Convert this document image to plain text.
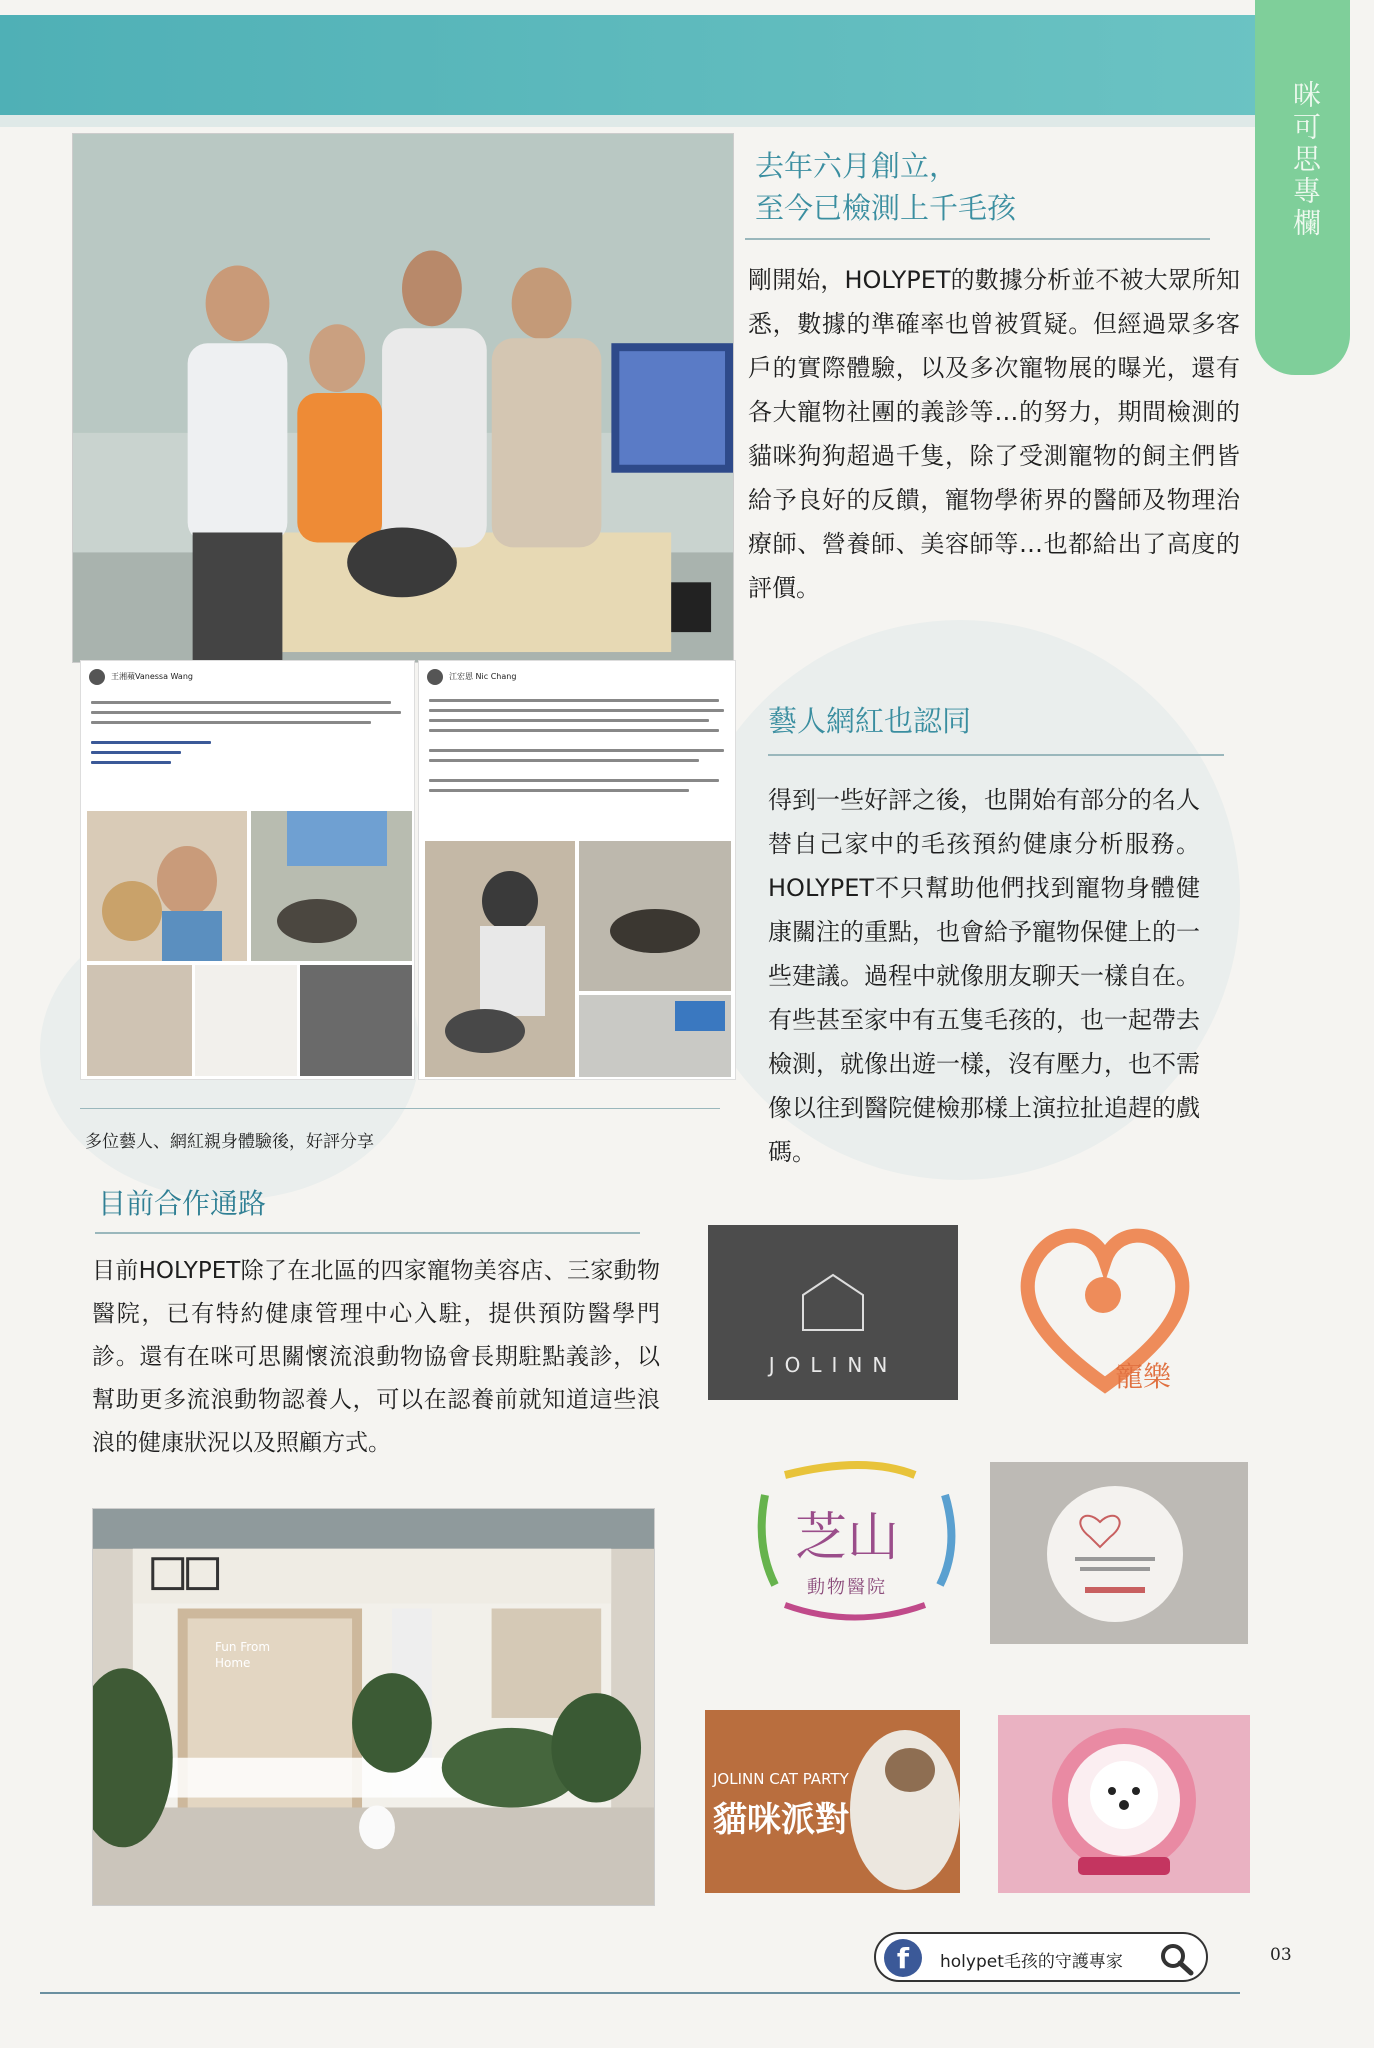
咪可思專欄
王湘蘋Vanessa Wang	江宏恩 Nic Chang
去年六月創立，
至今已檢測上千毛孩
剛開始，HOLYPET的數據分析並不被大眾所知悉，數據的準確率也曾被質疑。但經過眾多客戶的實際體驗，以及多次寵物展的曝光，還有各大寵物社團的義診等…的努力，期間檢測的貓咪狗狗超過千隻，除了受測寵物的飼主們皆給予良好的反饋，寵物學術界的醫師及物理治療師、營養師、美容師等…也都給出了高度的評價。
藝人網紅也認同
得到一些好評之後，也開始有部分的名人替自己家中的毛孩預約健康分析服務。HOLYPET不只幫助他們找到寵物身體健康關注的重點，也會給予寵物保健上的一些建議。過程中就像朋友聊天一樣自在。有些甚至家中有五隻毛孩的，也一起帶去檢測，就像出遊一樣，沒有壓力，也不需像以往到醫院健檢那樣上演拉扯追趕的戲碼。
多位藝人、網紅親身體驗後，好評分享
目前合作通路
目前HOLYPET除了在北區的四家寵物美容店、三家動物醫院，已有特約健康管理中心入駐，提供預防醫學門診。還有在咪可思關懷流浪動物協會長期駐點義診，以幫助更多流浪動物認養人，可以在認養前就知道這些浪浪的健康狀況以及照顧方式。
Fun From Home
JOLINN	寵樂
芝山
動物醫院
JOLINN CAT PARTY
貓咪派對
f	holypet毛孩的守護專家	03
